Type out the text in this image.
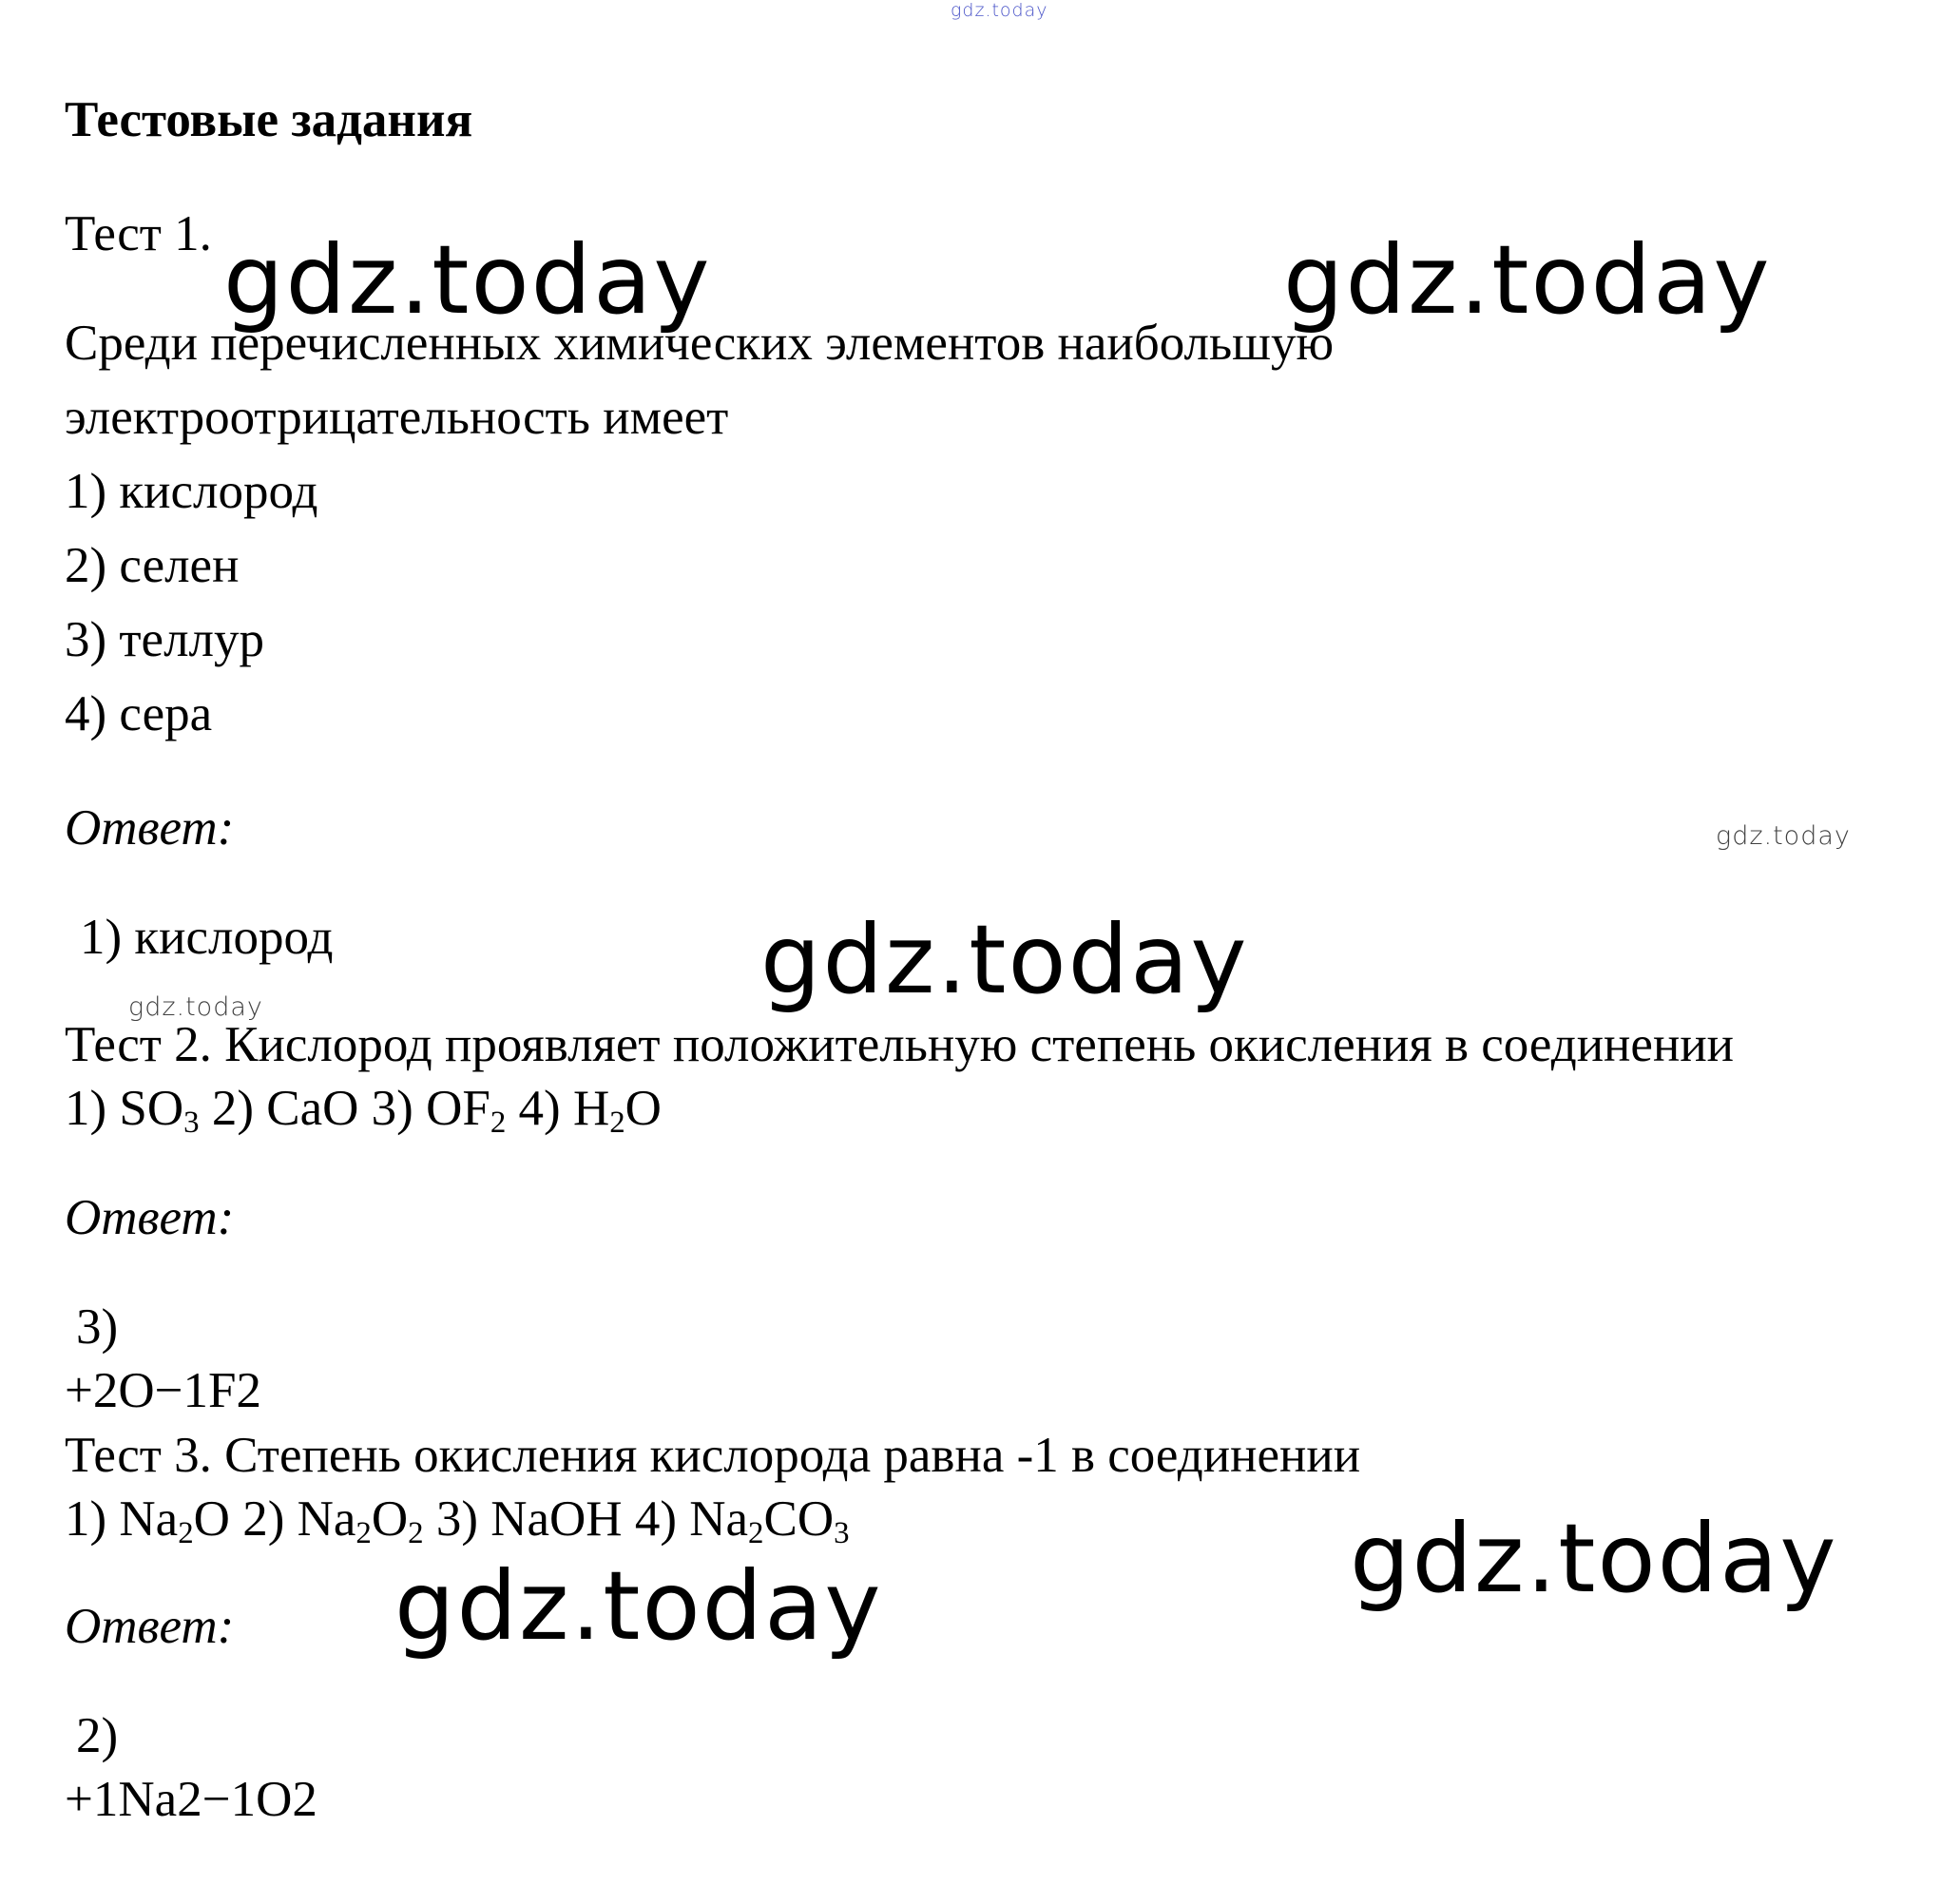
gdz.today
gdz.today	gdz.today
gdz.today
gdz.today
gdz.today
gdz.today
gdz.today

Тестовые задания

Тест 1.

Среди перечисленных химических элементов наибольшую

электроотрицательность имеет

1) кислород

2) селен

3) теллур

4) сера

Ответ:

1) кислород

Тест 2. Кислород проявляет положительную степень окисления в соединении

1) $SO_3$ 2) CaO 3) $OF_2$ 4) $H_2O$

Ответ:

3)

+2O−1F2

Тест 3. Степень окисления кислорода равна -1 в соединении

1) $Na_2O$ 2) $Na_2O_2$ 3) NaOH 4) $Na_2CO_3$

Ответ:

2)

+1Na2−1O2
